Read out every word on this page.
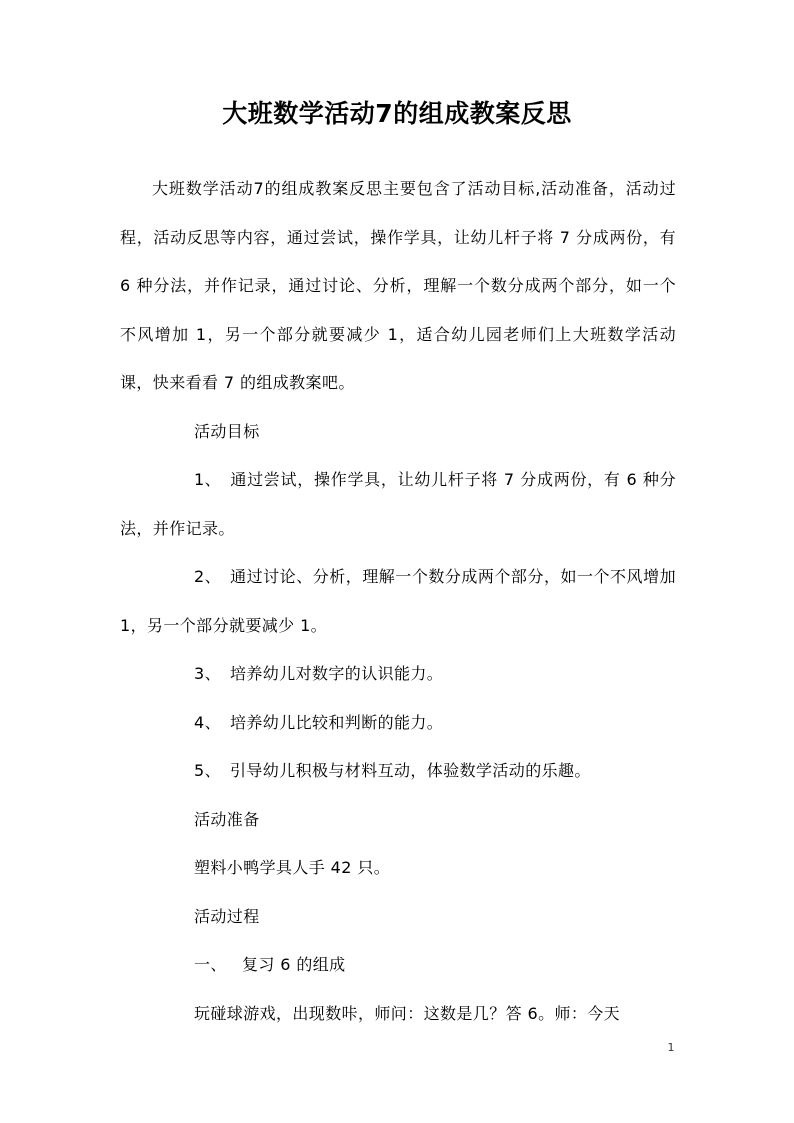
大班数学活动7的组成教案反思

大班数学活动7的组成教案反思主要包含了活动目标,活动准备，活动过程，活动反思等内容，通过尝试，操作学具，让幼儿杆子将 7 分成两份，有 6 种分法，并作记录，通过讨论、分析，理解一个数分成两个部分，如一个不风增加 1，另一个部分就要减少 1，适合幼儿园老师们上大班数学活动课，快来看看 7 的组成教案吧。

活动目标

1、 通过尝试，操作学具，让幼儿杆子将 7 分成两份，有 6 种分法，并作记录。

2、 通过讨论、分析，理解一个数分成两个部分，如一个不风增加 1，另一个部分就要减少 1。

3、 培养幼儿对数字的认识能力。

4、 培养幼儿比较和判断的能力。

5、 引导幼儿积极与材料互动，体验数学活动的乐趣。

活动准备

塑料小鸭学具人手 42 只。

活动过程

一、 复习 6 的组成

玩碰球游戏，出现数咔，师问：这数是几？答 6。师：今天

1
